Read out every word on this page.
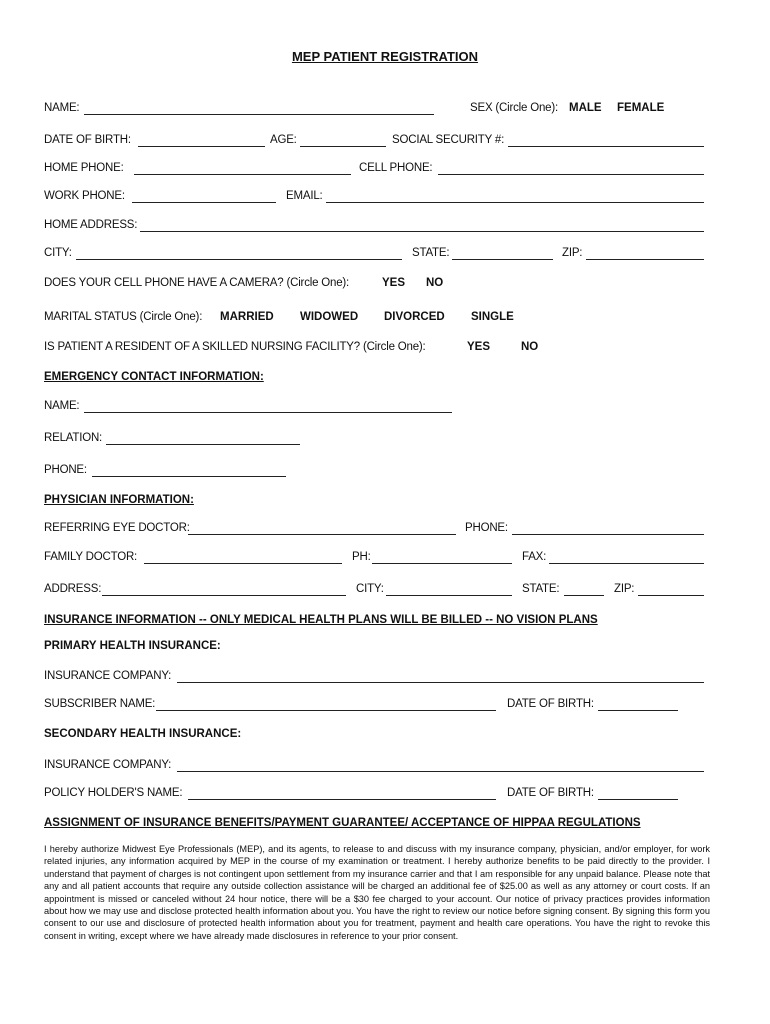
MEP PATIENT REGISTRATION
NAME:	SEX (Circle One): MALE FEMALE
DATE OF BIRTH:	AGE:	SOCIAL SECURITY #:
HOME PHONE:	CELL PHONE:
WORK PHONE:	EMAIL:
HOME ADDRESS:
CITY:	STATE:	ZIP:
DOES YOUR CELL PHONE HAVE A CAMERA? (Circle One):	YES NO
MARITAL STATUS (Circle One): MARRIED WIDOWED DIVORCED SINGLE
IS PATIENT A RESIDENT OF A SKILLED NURSING FACILITY? (Circle One):	YES	NO
EMERGENCY CONTACT INFORMATION:
NAME:
RELATION:
PHONE:
PHYSICIAN INFORMATION:
REFERRING EYE DOCTOR:	PHONE:
FAMILY DOCTOR:	PH:	FAX:
ADDRESS:	CITY:	STATE:	ZIP:
INSURANCE INFORMATION -- ONLY MEDICAL HEALTH PLANS WILL BE BILLED -- NO VISION PLANS
PRIMARY HEALTH INSURANCE:
INSURANCE COMPANY:
SUBSCRIBER NAME:	DATE OF BIRTH:
SECONDARY HEALTH INSURANCE:
INSURANCE COMPANY:
POLICY HOLDER'S NAME:	DATE OF BIRTH:
ASSIGNMENT OF INSURANCE BENEFITS/PAYMENT GUARANTEE/ ACCEPTANCE OF HIPPAA REGULATIONS
I hereby authorize Midwest Eye Professionals (MEP), and its agents, to release to and discuss with my insurance company, physician, and/or employer, for work related injuries, any information acquired by MEP in the course of my examination or treatment. I hereby authorize benefits to be paid directly to the provider. I understand that payment of charges is not contingent upon settlement from my insurance carrier and that I am responsible for any unpaid balance. Please note that any and all patient accounts that require any outside collection assistance will be charged an additional fee of $25.00 as well as any attorney or court costs. If an appointment is missed or canceled without 24 hour notice, there will be a $30 fee charged to your account. Our notice of privacy practices provides information about how we may use and disclose protected health information about you. You have the right to review our notice before signing consent. By signing this form you consent to our use and disclosure of protected health information about you for treatment, payment and health care operations. You have the right to revoke this consent in writing, except where we have already made disclosures in reference to your prior consent.
